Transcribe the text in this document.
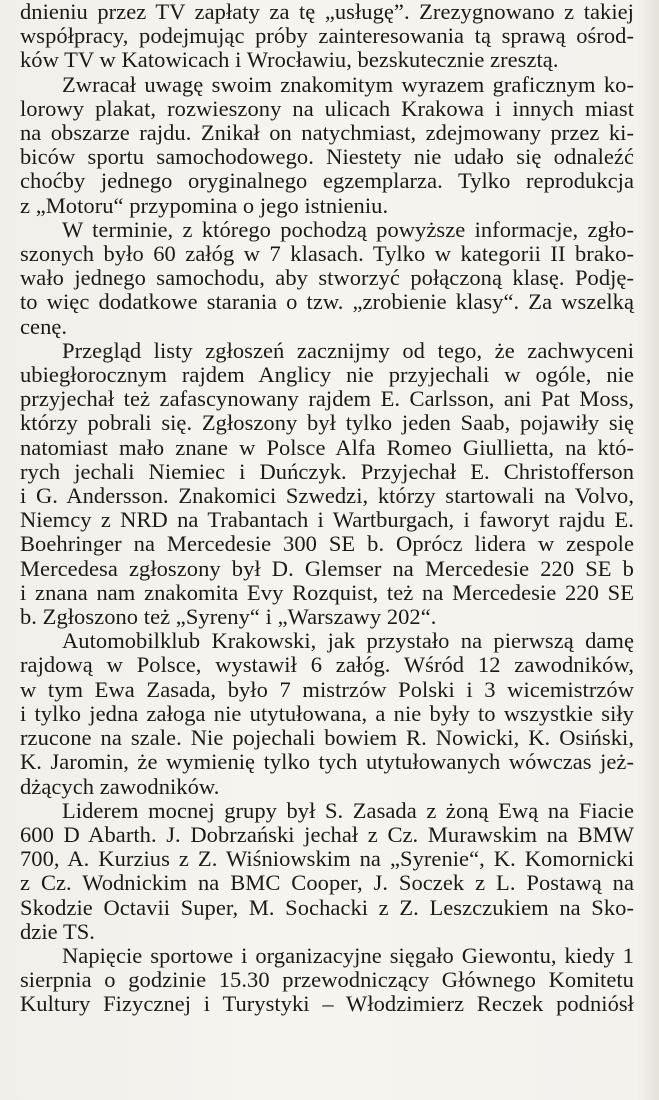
dnieniu przez TV zapłaty za tę „usługę”. Zrezygnowano z takiej
współpracy, podejmując próby zainteresowania tą sprawą ośrod-
ków TV w Katowicach i Wrocławiu, bezskutecznie zresztą.

Zwracał uwagę swoim znakomitym wyrazem graficznym ko-
lorowy plakat, rozwieszony na ulicach Krakowa i innych miast
na obszarze rajdu. Znikał on natychmiast, zdejmowany przez ki-
biców sportu samochodowego. Niestety nie udało się odnaleźć
choćby jednego oryginalnego egzemplarza. Tylko reprodukcja
z „Motoru“ przypomina o jego istnieniu.

W terminie, z którego pochodzą powyższe informacje, zgło-
szonych było 60 załóg w 7 klasach. Tylko w kategorii II brako-
wało jednego samochodu, aby stworzyć połączoną klasę. Podję-
to więc dodatkowe starania o tzw. „zrobienie klasy“. Za wszelką
cenę.

Przegląd listy zgłoszeń zacznijmy od tego, że zachwyceni
ubiegłorocznym rajdem Anglicy nie przyjechali w ogóle, nie
przyjechał też zafascynowany rajdem E. Carlsson, ani Pat Moss,
którzy pobrali się. Zgłoszony był tylko jeden Saab, pojawiły się
natomiast mało znane w Polsce Alfa Romeo Giullietta, na któ-
rych jechali Niemiec i Duńczyk. Przyjechał E. Christofferson
i G. Andersson. Znakomici Szwedzi, którzy startowali na Volvo,
Niemcy z NRD na Trabantach i Wartburgach, i faworyt rajdu E.
Boehringer na Mercedesie 300 SE b. Oprócz lidera w zespole
Mercedesa zgłoszony był D. Glemser na Mercedesie 220 SE b
i znana nam znakomita Evy Rozquist, też na Mercedesie 220 SE
b. Zgłoszono też „Syreny“ i „Warszawy 202“.

Automobilklub Krakowski, jak przystało na pierwszą damę
rajdową w Polsce, wystawił 6 załóg. Wśród 12 zawodników,
w tym Ewa Zasada, było 7 mistrzów Polski i 3 wicemistrzów
i tylko jedna załoga nie utytułowana, a nie były to wszystkie siły
rzucone na szale. Nie pojechali bowiem R. Nowicki, K. Osiński,
K. Jaromin, że wymienię tylko tych utytułowanych wówczas jeż-
dżących zawodników.

Liderem mocnej grupy był S. Zasada z żoną Ewą na Fiacie
600 D Abarth. J. Dobrzański jechał z Cz. Murawskim na BMW
700, A. Kurzius z Z. Wiśniowskim na „Syrenie“, K. Komornicki
z Cz. Wodnickim na BMC Cooper, J. Soczek z L. Postawą na
Skodzie Octavii Super, M. Sochacki z Z. Leszczukiem na Sko-
dzie TS.

Napięcie sportowe i organizacyjne sięgało Giewontu, kiedy 1
sierpnia o godzinie 15.30 przewodniczący Głównego Komitetu
Kultury Fizycznej i Turystyki – Włodzimierz Reczek podniósł
